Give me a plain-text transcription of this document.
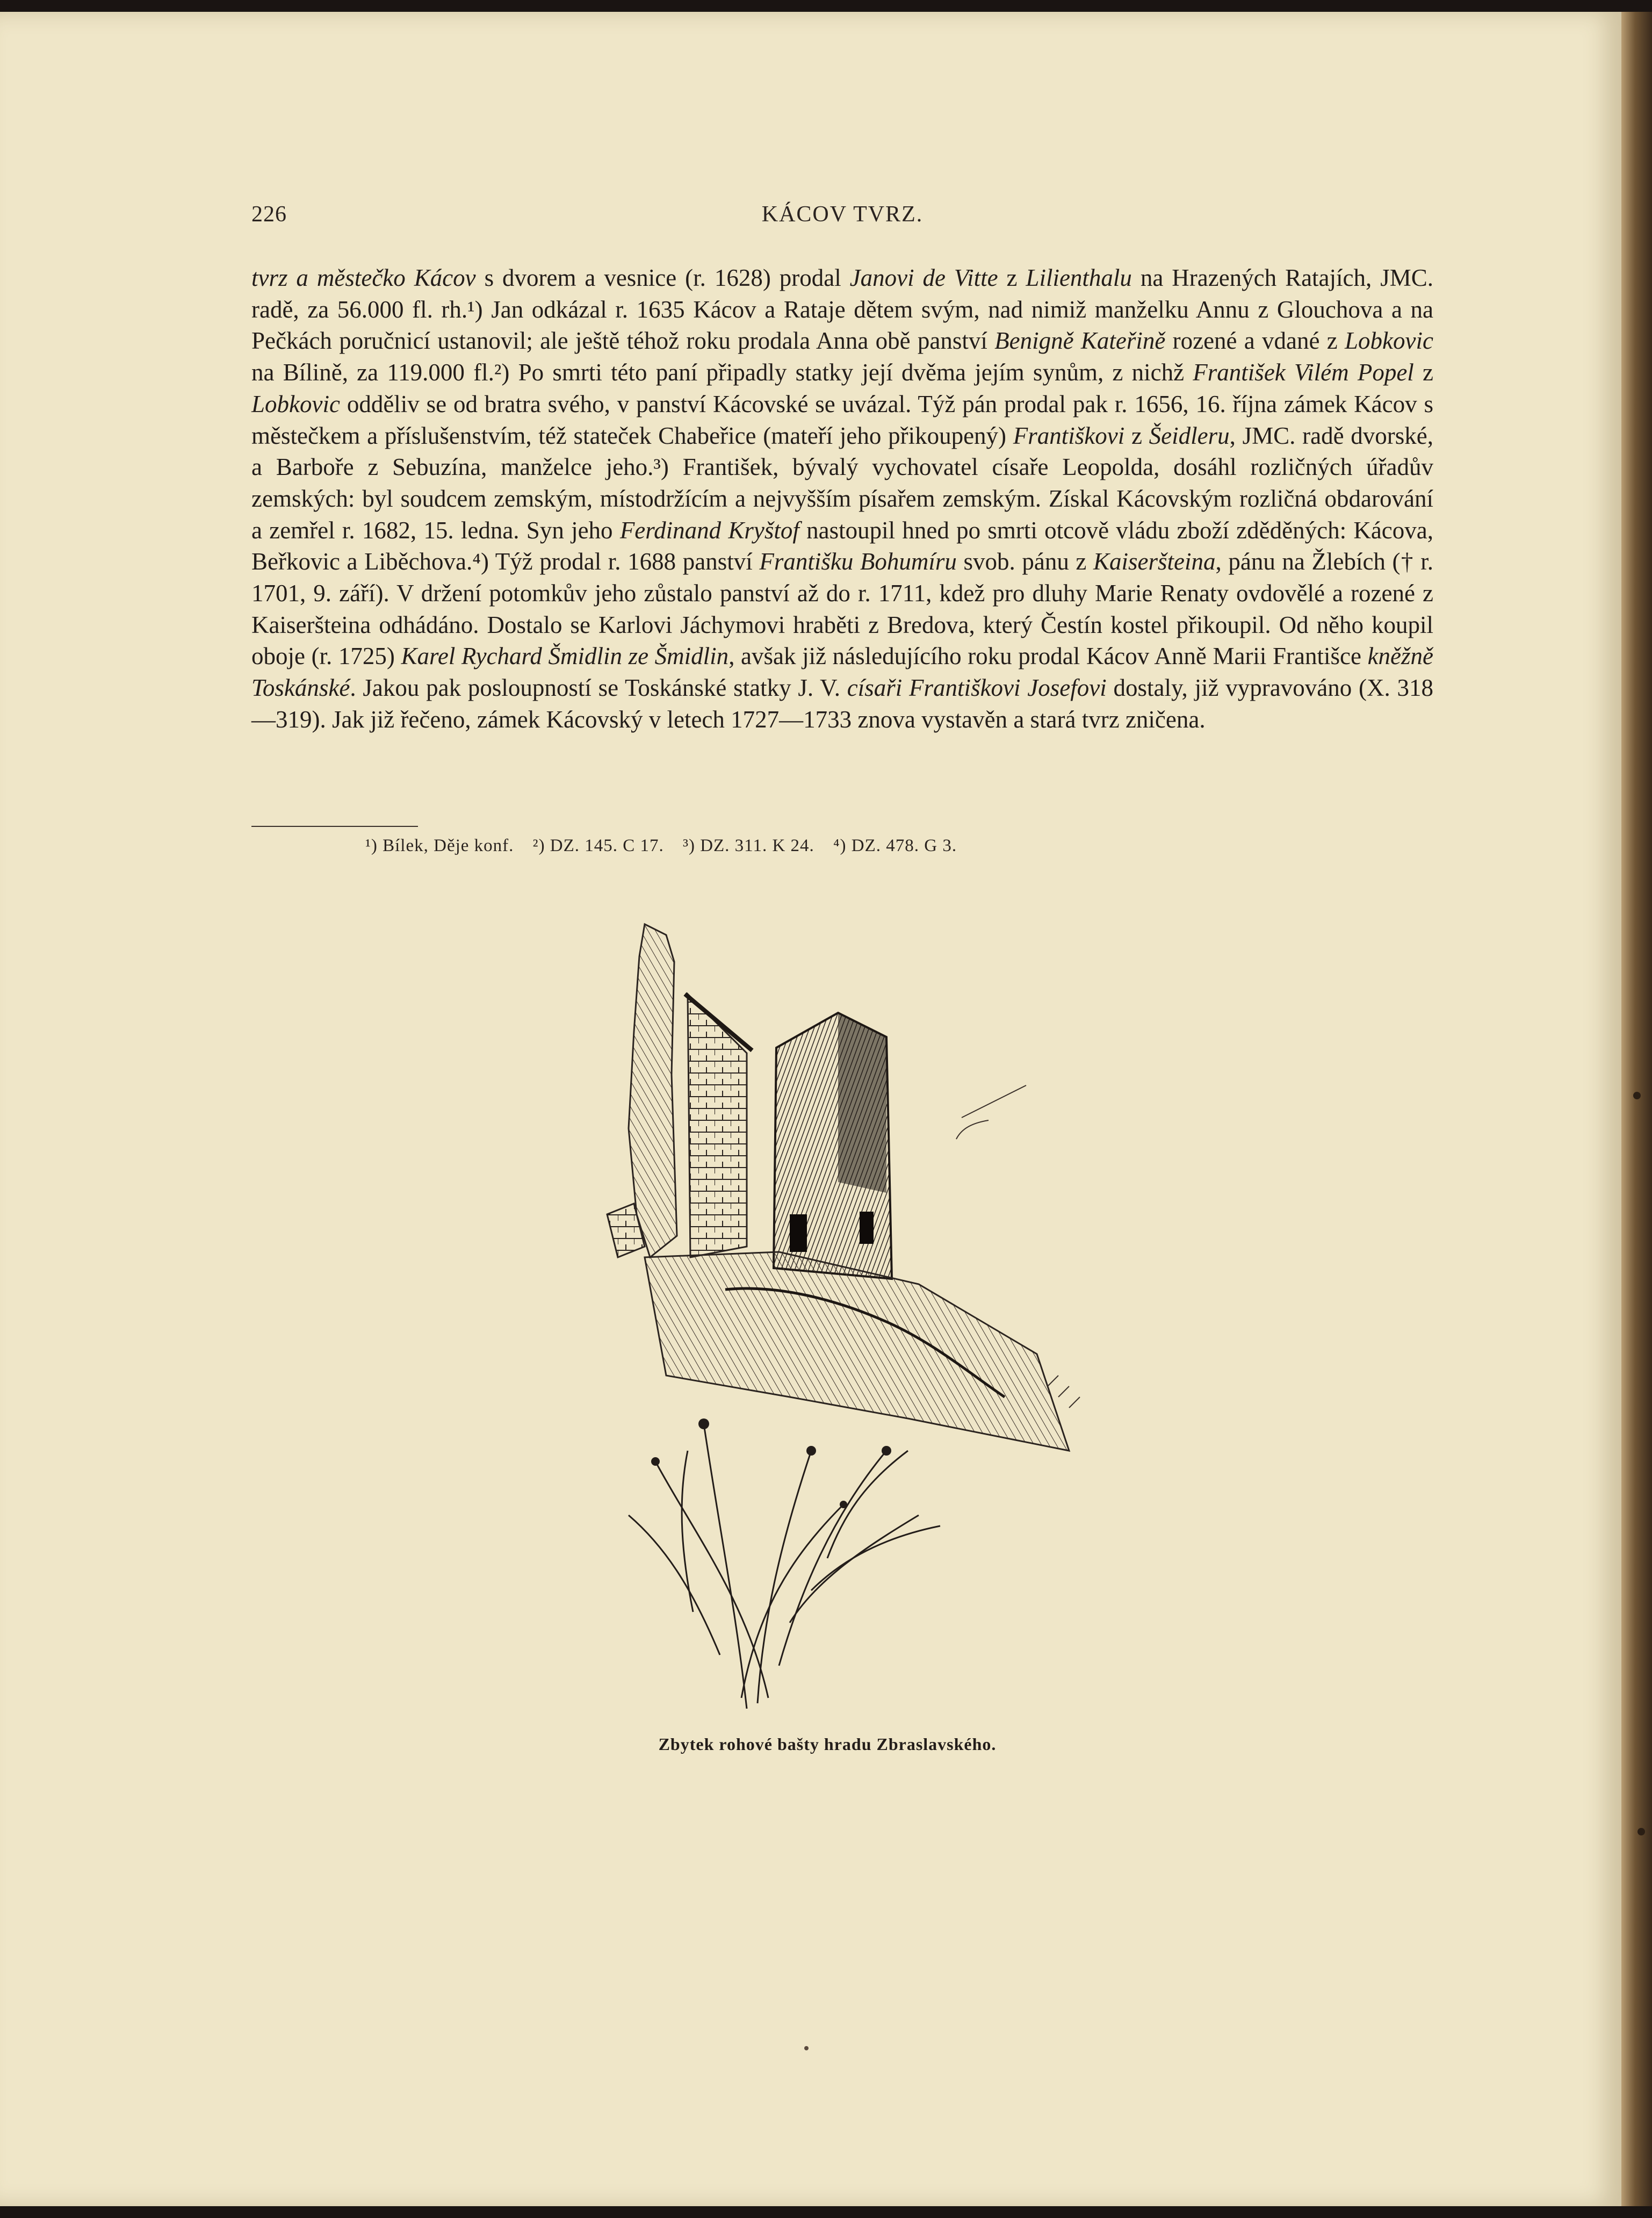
226	KÁCOV TVRZ.

tvrz a městečko Kácov s dvorem a vesnice (r. 1628) prodal Janovi de Vitte z Lilienthalu na Hrazených Ratajích, JMC. radě, za 56.000 fl. rh.¹) Jan odkázal r. 1635 Kácov a Rataje dětem svým, nad nimiž manželku Annu z Glouchova a na Pečkách poručnicí ustanovil; ale ještě téhož roku prodala Anna obě panství Benigně Kateřině rozené a vdané z Lobkovic na Bílině, za 119.000 fl.²) Po smrti této paní připadly statky její dvěma jejím synům, z nichž František Vilém Popel z Lobkovic odděliv se od bratra svého, v panství Kácovské se uvázal. Týž pán prodal pak r. 1656, 16. října zámek Kácov s městečkem a příslušenstvím, též stateček Chabeřice (mateří jeho přikoupený) Františkovi z Šeidleru, JMC. radě dvorské, a Barboře z Sebuzína, manželce jeho.³) František, bývalý vychovatel císaře Leopolda, dosáhl rozličných úřadův zemských: byl soudcem zemským, místodržícím a nejvyšším písařem zemským. Získal Kácovským rozličná obdarování a zemřel r. 1682, 15. ledna. Syn jeho Ferdinand Kryštof nastoupil hned po smrti otcově vládu zboží zděděných: Kácova, Beřkovic a Liběchova.⁴) Týž prodal r. 1688 panství Františku Bohumíru svob. pánu z Kaiseršteina, pánu na Žlebích († r. 1701, 9. září). V držení potomkův jeho zůstalo panství až do r. 1711, kdež pro dluhy Marie Renaty ovdovělé a rozené z Kaiseršteina odhádáno. Dostalo se Karlovi Jáchymovi hraběti z Bredova, který Čestín kostel přikoupil. Od něho koupil oboje (r. 1725) Karel Rychard Šmidlin ze Šmidlin, avšak již následujícího roku prodal Kácov Anně Marii Františce kněžně Toskánské. Jakou pak posloupností se Toskánské statky J. V. císaři Františkovi Josefovi dostaly, již vypravováno (X. 318—319). Jak již řečeno, zámek Kácovský v letech 1727—1733 znova vystavěn a stará tvrz zničena.

¹) Bílek, Děje konf. ²) DZ. 145. C 17. ³) DZ. 311. K 24. ⁴) DZ. 478. G 3.
Zbytek rohové bašty hradu Zbraslavského.
